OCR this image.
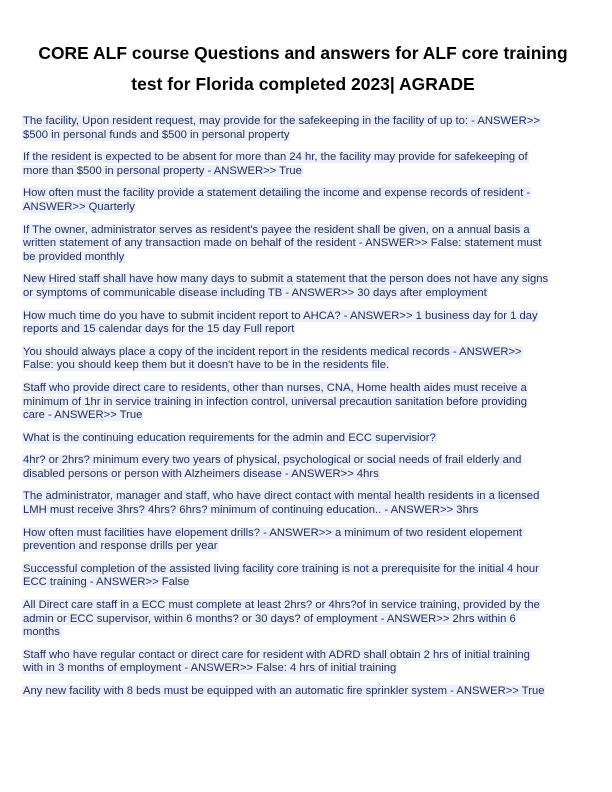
CORE ALF course Questions and answers for ALF core training
test for Florida completed 2023| AGRADE

The facility, Upon resident request, may provide for the safekeeping in the facility of up to: - ANSWER>>
$500 in personal funds and $500 in personal property

If the resident is expected to be absent for more than 24 hr, the facility may provide for safekeeping of
more than $500 in personal property - ANSWER>> True

How often must the facility provide a statement detailing the income and expense records of resident -
ANSWER>> Quarterly

If The owner, administrator serves as resident's payee the resident shall be given, on a annual basis a
written statement of any transaction made on behalf of the resident - ANSWER>> False: statement must
be provided monthly

New Hired staff shall have how many days to submit a statement that the person does not have any signs
or symptoms of communicable disease including TB - ANSWER>> 30 days after employment

How much time do you have to submit incident report to AHCA? - ANSWER>> 1 business day for 1 day
reports and 15 calendar days for the 15 day Full report

You should always place a copy of the incident report in the residents medical records - ANSWER>>
False: you should keep them but it doesn't have to be in the residents file.

Staff who provide direct care to residents, other than nurses, CNA, Home health aides must receive a
minimum of 1hr in service training in infection control, universal precaution sanitation before providing
care - ANSWER>> True

What is the continuing education requirements for the admin and ECC supervisior?

4hr? or 2hrs? minimum every two years of physical, psychological or social needs of frail elderly and
disabled persons or person with Alzheimers disease - ANSWER>> 4hrs

The administrator, manager and staff, who have direct contact with mental health residents in a licensed
LMH must receive 3hrs? 4hrs? 6hrs? minimum of continuing education.. - ANSWER>> 3hrs

How often must facilities have elopement drills? - ANSWER>> a minimum of two resident elopement
prevention and response drills per year

Successful completion of the assisted living facility core training is not a prerequisite for the initial 4 hour
ECC training - ANSWER>> False

All Direct care staff in a ECC must complete at least 2hrs? or 4hrs?of in service training, provided by the
admin or ECC supervisor, within 6 months? or 30 days? of employment - ANSWER>> 2hrs within 6
months

Staff who have regular contact or direct care for resident with ADRD shall obtain 2 hrs of initial training
with in 3 months of employment - ANSWER>> False: 4 hrs of initial training

Any new facility with 8 beds must be equipped with an automatic fire sprinkler system - ANSWER>> True
